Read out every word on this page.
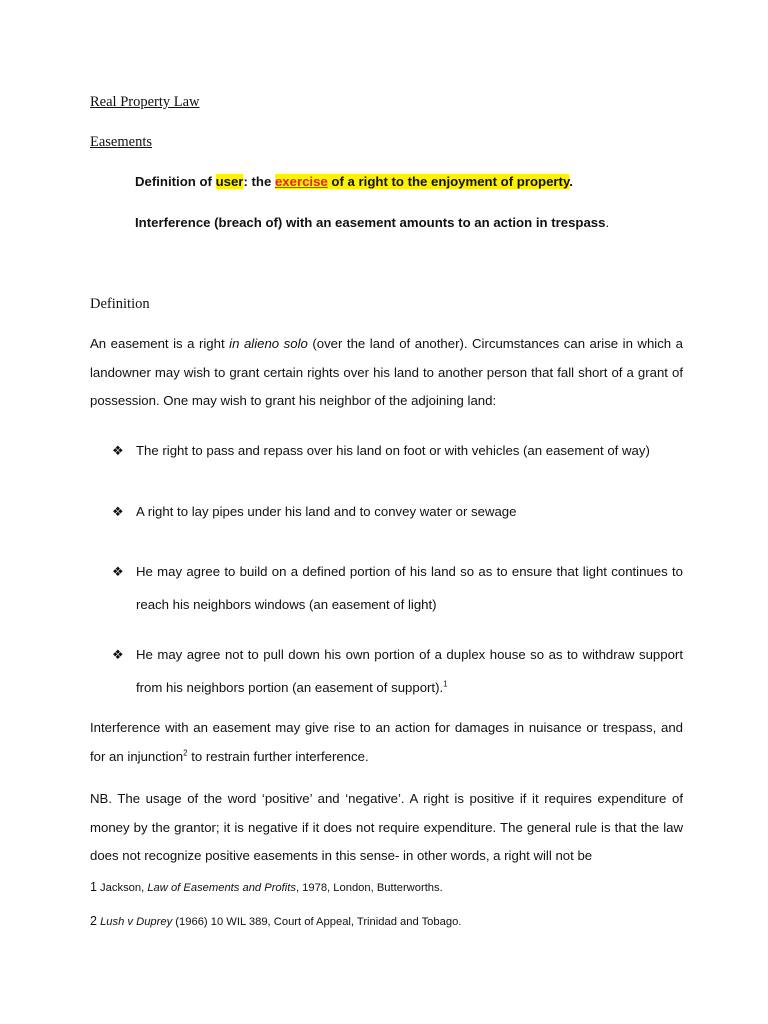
Real Property Law
Easements
Definition of user: the exercise of a right to the enjoyment of property.
Interference (breach of) with an easement amounts to an action in trespass.
Definition
An easement is a right in alieno solo (over the land of another). Circumstances can arise in which a landowner may wish to grant certain rights over his land to another person that fall short of a grant of possession. One may wish to grant his neighbor of the adjoining land:
❖ The right to pass and repass over his land on foot or with vehicles (an easement of way)
❖ A right to lay pipes under his land and to convey water or sewage
❖ He may agree to build on a defined portion of his land so as to ensure that light continues to reach his neighbors windows (an easement of light)
❖ He may agree not to pull down his own portion of a duplex house so as to withdraw support from his neighbors portion (an easement of support).$^1$
Interference with an easement may give rise to an action for damages in nuisance or trespass, and for an injunction$^2$ to restrain further interference.
NB. The usage of the word ‘positive’ and ‘negative’. A right is positive if it requires expenditure of money by the grantor; it is negative if it does not require expenditure. The general rule is that the law does not recognize positive easements in this sense- in other words, a right will not be
1 Jackson, Law of Easements and Profits, 1978, London, Butterworths.
2 Lush v Duprey (1966) 10 WIL 389, Court of Appeal, Trinidad and Tobago.
